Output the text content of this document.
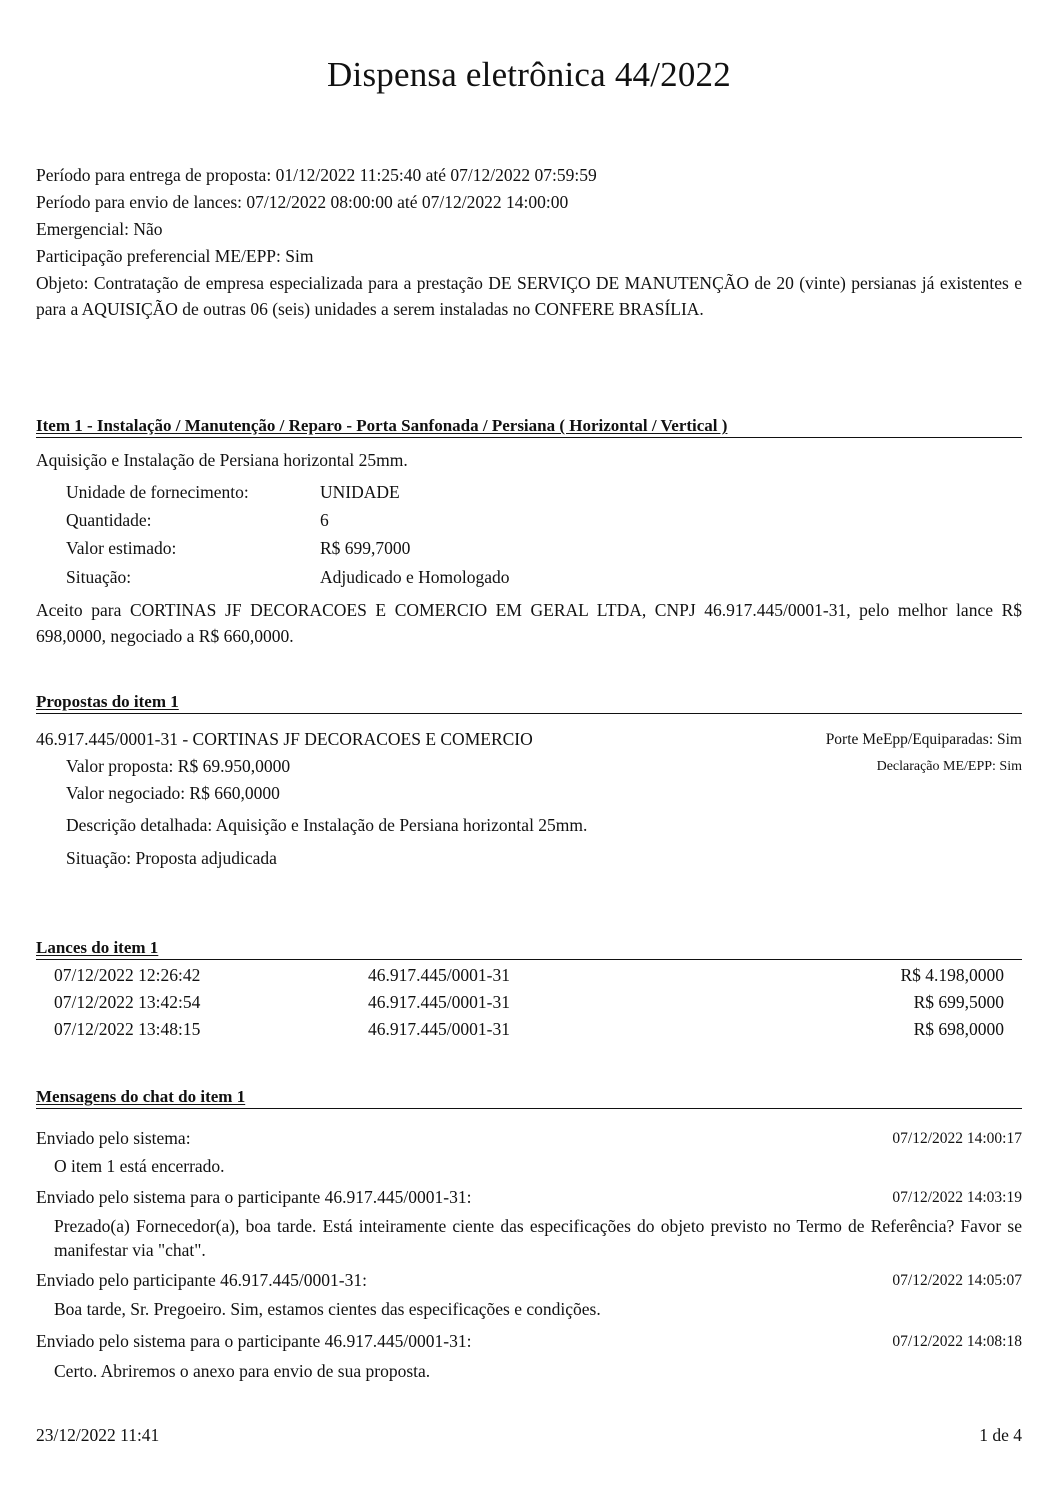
Dispensa eletrônica 44/2022
Período para entrega de proposta: 01/12/2022 11:25:40 até 07/12/2022 07:59:59
Período para envio de lances: 07/12/2022 08:00:00 até 07/12/2022 14:00:00
Emergencial: Não
Participação preferencial ME/EPP: Sim
Objeto: Contratação de empresa especializada para a prestação DE SERVIÇO DE MANUTENÇÃO de 20 (vinte) persianas já existentes e para a AQUISIÇÃO de outras 06 (seis) unidades a serem instaladas no CONFERE BRASÍLIA.
Item 1 - Instalação / Manutenção / Reparo - Porta Sanfonada / Persiana ( Horizontal / Vertical )
Aquisição e Instalação de Persiana horizontal 25mm.
Unidade de fornecimento:	UNIDADE
Quantidade:	6
Valor estimado:	R$ 699,7000
Situação:	Adjudicado e Homologado
Aceito para CORTINAS JF DECORACOES E COMERCIO EM GERAL LTDA, CNPJ 46.917.445/0001-31, pelo melhor lance R$ 698,0000, negociado a R$ 660,0000.
Propostas do item 1
46.917.445/0001-31 - CORTINAS JF DECORACOES E COMERCIO	Porte MeEpp/Equiparadas: Sim
Valor proposta: R$ 69.950,0000	Declaração ME/EPP: Sim
Valor negociado: R$ 660,0000
Descrição detalhada: Aquisição e Instalação de Persiana horizontal 25mm.
Situação: Proposta adjudicada
Lances do item 1
07/12/2022 12:26:42	46.917.445/0001-31	R$ 4.198,0000
07/12/2022 13:42:54	46.917.445/0001-31	R$ 699,5000
07/12/2022 13:48:15	46.917.445/0001-31	R$ 698,0000
Mensagens do chat do item 1
Enviado pelo sistema:	07/12/2022 14:00:17
O item 1 está encerrado.
Enviado pelo sistema para o participante 46.917.445/0001-31:	07/12/2022 14:03:19
Prezado(a) Fornecedor(a), boa tarde. Está inteiramente ciente das especificações do objeto previsto no Termo de Referência? Favor se manifestar via "chat".
Enviado pelo participante 46.917.445/0001-31:	07/12/2022 14:05:07
Boa tarde, Sr. Pregoeiro. Sim, estamos cientes das especificações e condições.
Enviado pelo sistema para o participante 46.917.445/0001-31:	07/12/2022 14:08:18
Certo. Abriremos o anexo para envio de sua proposta.
23/12/2022 11:41	1 de 4
